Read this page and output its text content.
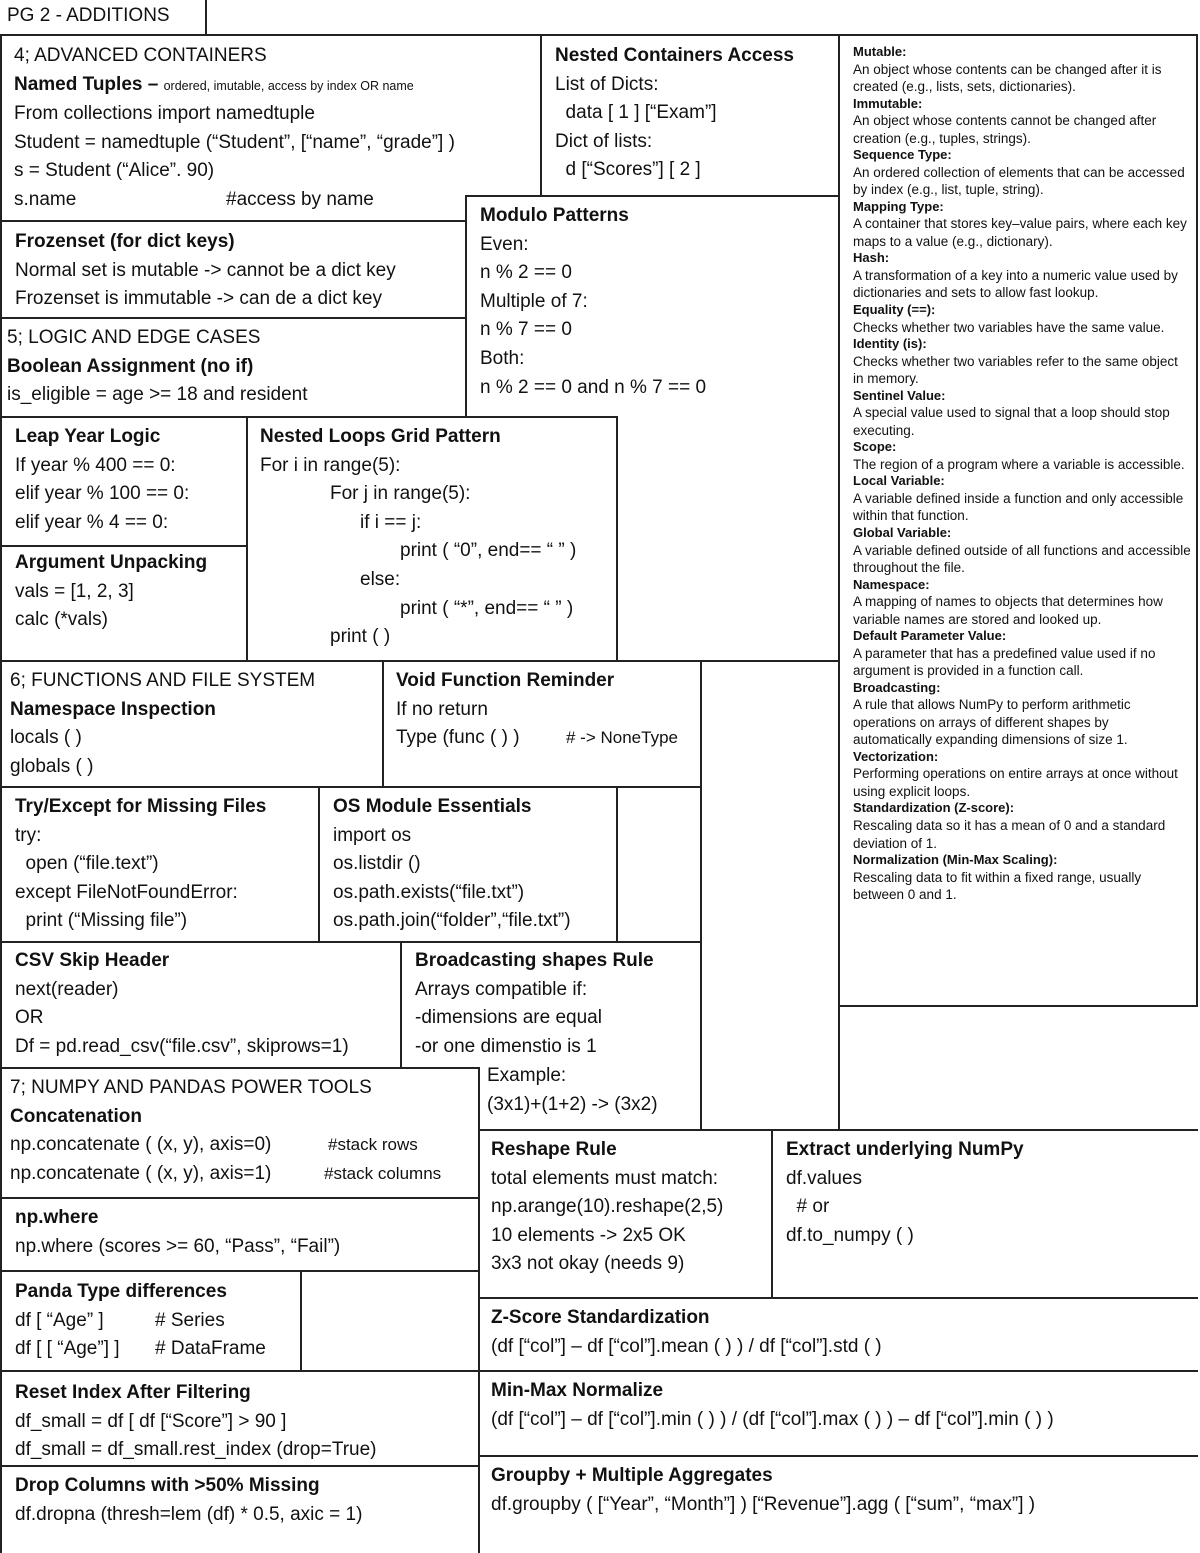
PG 2 - ADDITIONS
4; ADVANCED CONTAINERS
Named Tuples – ordered, imutable, access by index OR name
From collections import namedtuple
Student = namedtuple (“Student”, [“name”, “grade”] )
s = Student (“Alice”. 90)
s.name	#access by name
Nested Containers Access
List of Dicts:
data [ 1 ] [“Exam”]
Dict of lists:
d [“Scores”] [ 2 ]
Frozenset (for dict keys)
Normal set is mutable -> cannot be a dict key
Frozenset is immutable -> can de a dict key
Modulo Patterns
Even:
n % 2 == 0
Multiple of 7:
n % 7 == 0
Both:
n % 2 == 0 and n % 7 == 0
5; LOGIC AND EDGE CASES
Boolean Assignment (no if)
is_eligible = age >= 18 and resident
Leap Year Logic
If year % 400 == 0:
elif year % 100 == 0:
elif year % 4 == 0:
Nested Loops Grid Pattern
For i in range(5):
For j in range(5):
if i == j:
print ( “0”, end== “ ” )
else:
print ( “*”, end== “ ” )
print ( )
Argument Unpacking
vals = [1, 2, 3]
calc (*vals)
6; FUNCTIONS AND FILE SYSTEM
Namespace Inspection
locals ( )
globals ( )
Void Function Reminder
If no return
Type (func ( ) )	# -> NoneType
Try/Except for Missing Files
try:
open (“file.text”)
except FileNotFoundError:
print (“Missing file”)
OS Module Essentials
import os
os.listdir ()
os.path.exists(“file.txt”)
os.path.join(“folder”,“file.txt”)
CSV Skip Header
next(reader)
OR
Df = pd.read_csv(“file.csv”, skiprows=1)
Broadcasting shapes Rule
Arrays compatible if:
-dimensions are equal
-or one dimenstio is 1
Example:
(3x1)+(1+2) -> (3x2)
7; NUMPY AND PANDAS POWER TOOLS
Concatenation
np.concatenate ( (x, y), axis=0)	#stack rows
np.concatenate ( (x, y), axis=1)	#stack columns
np.where
np.where (scores >= 60, “Pass”, “Fail”)
Panda Type differences
df [ “Age” ]	# Series
df [ [ “Age”] ] # DataFrame
Reset Index After Filtering
df_small = df [ df [“Score”] > 90 ]
df_small = df_small.rest_index (drop=True)
Drop Columns with >50% Missing
df.dropna (thresh=lem (df) * 0.5, axic = 1)
Reshape Rule
total elements must match:
np.arange(10).reshape(2,5)
10 elements -> 2x5 OK
3x3 not okay (needs 9)
Extract underlying NumPy
df.values
# or
df.to_numpy ( )
Z-Score Standardization
(df [“col”] – df [“col”].mean ( ) ) / df [“col”].std ( )
Min-Max Normalize
(df [“col”] – df [“col”].min ( ) ) / (df [“col”].max ( ) ) – df [“col”].min ( ) )
Groupby + Multiple Aggregates
df.groupby ( [“Year”, “Month”] ) [“Revenue”].agg ( [“sum”, “max”] )
Mutable:
An object whose contents can be changed after it is created (e.g., lists, sets, dictionaries).
Immutable:
An object whose contents cannot be changed after creation (e.g., tuples, strings).
Sequence Type:
An ordered collection of elements that can be accessed by index (e.g., list, tuple, string).
Mapping Type:
A container that stores key–value pairs, where each key maps to a value (e.g., dictionary).
Hash:
A transformation of a key into a numeric value used by dictionaries and sets to allow fast lookup.
Equality (==):
Checks whether two variables have the same value.
Identity (is):
Checks whether two variables refer to the same object in memory.
Sentinel Value:
A special value used to signal that a loop should stop executing.
Scope:
The region of a program where a variable is accessible.
Local Variable:
A variable defined inside a function and only accessible within that function.
Global Variable:
A variable defined outside of all functions and accessible throughout the file.
Namespace:
A mapping of names to objects that determines how variable names are stored and looked up.
Default Parameter Value:
A parameter that has a predefined value used if no argument is provided in a function call.
Broadcasting:
A rule that allows NumPy to perform arithmetic operations on arrays of different shapes by automatically expanding dimensions of size 1.
Vectorization:
Performing operations on entire arrays at once without using explicit loops.
Standardization (Z-score):
Rescaling data so it has a mean of 0 and a standard deviation of 1.
Normalization (Min-Max Scaling):
Rescaling data to fit within a fixed range, usually between 0 and 1.
